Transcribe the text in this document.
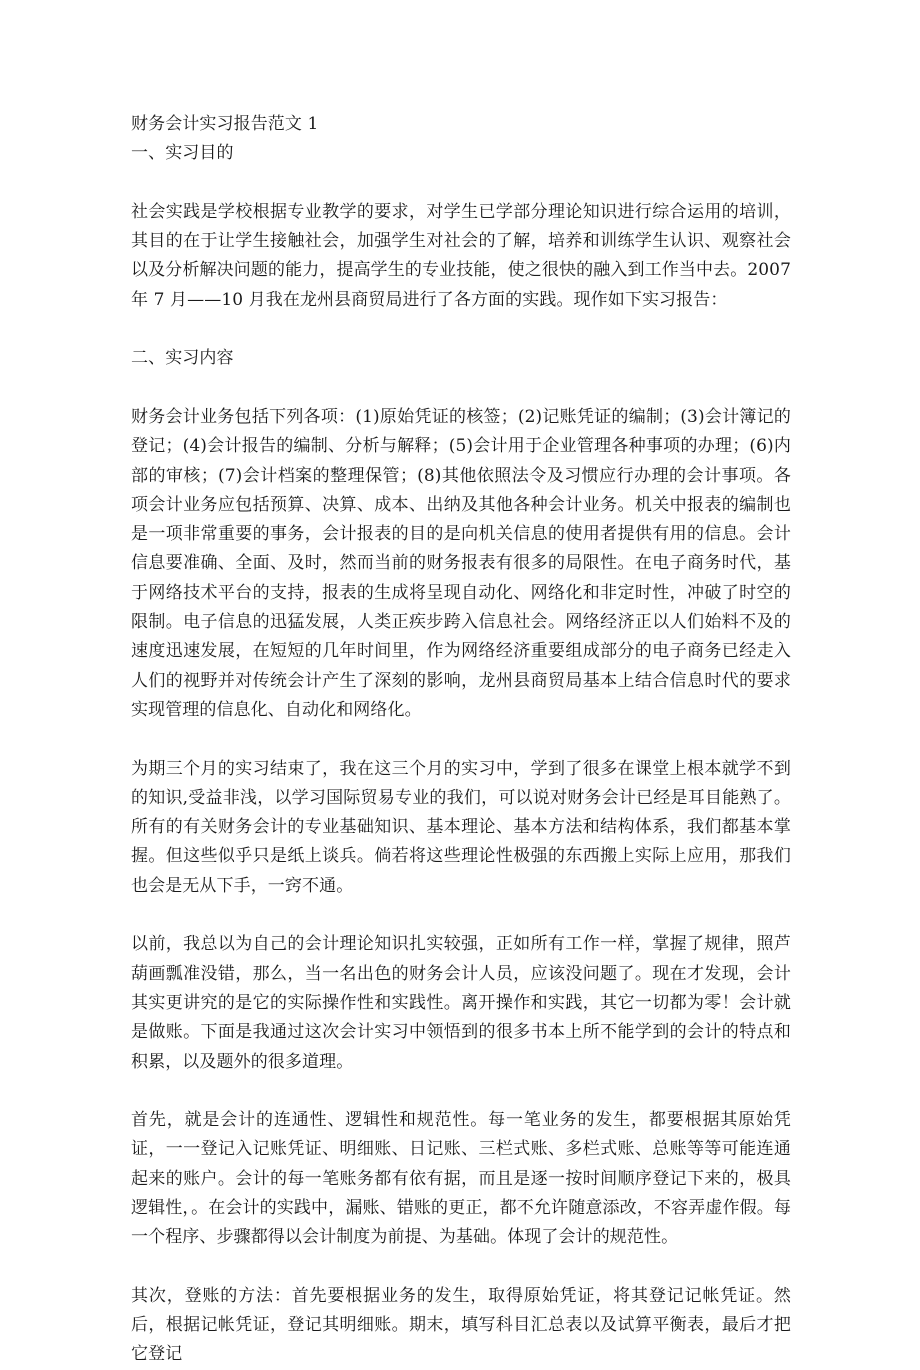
财务会计实习报告范文 1

一、实习目的

社会实践是学校根据专业教学的要求，对学生已学部分理论知识进行综合运用的培训，其目的在于让学生接触社会，加强学生对社会的了解，培养和训练学生认识、观察社会以及分析解决问题的能力，提高学生的专业技能，使之很快的融入到工作当中去。2007 年 7 月——10 月我在龙州县商贸局进行了各方面的实践。现作如下实习报告：

二、实习内容

财务会计业务包括下列各项：(1)原始凭证的核签；(2)记账凭证的编制；(3)会计簿记的登记；(4)会计报告的编制、分析与解释；(5)会计用于企业管理各种事项的办理；(6)内部的审核；(7)会计档案的整理保管；(8)其他依照法令及习惯应行办理的会计事项。各项会计业务应包括预算、决算、成本、出纳及其他各种会计业务。机关中报表的编制也是一项非常重要的事务，会计报表的目的是向机关信息的使用者提供有用的信息。会计信息要准确、全面、及时，然而当前的财务报表有很多的局限性。在电子商务时代，基于网络技术平台的支持，报表的生成将呈现自动化、网络化和非定时性，冲破了时空的限制。电子信息的迅猛发展，人类正疾步跨入信息社会。网络经济正以人们始料不及的速度迅速发展，在短短的几年时间里，作为网络经济重要组成部分的电子商务已经走入人们的视野并对传统会计产生了深刻的影响，龙州县商贸局基本上结合信息时代的要求实现管理的信息化、自动化和网络化。

为期三个月的实习结束了，我在这三个月的实习中，学到了很多在课堂上根本就学不到的知识,受益非浅，以学习国际贸易专业的我们，可以说对财务会计已经是耳目能熟了。所有的有关财务会计的专业基础知识、基本理论、基本方法和结构体系，我们都基本掌握。但这些似乎只是纸上谈兵。倘若将这些理论性极强的东西搬上实际上应用，那我们也会是无从下手，一窍不通。

以前，我总以为自己的会计理论知识扎实较强，正如所有工作一样，掌握了规律，照芦葫画瓢准没错，那么，当一名出色的财务会计人员，应该没问题了。现在才发现，会计其实更讲究的是它的实际操作性和实践性。离开操作和实践，其它一切都为零！会计就是做账。下面是我通过这次会计实习中领悟到的很多书本上所不能学到的会计的特点和积累，以及题外的很多道理。

首先，就是会计的连通性、逻辑性和规范性。每一笔业务的发生，都要根据其原始凭证，一一登记入记账凭证、明细账、日记账、三栏式账、多栏式账、总账等等可能连通起来的账户。会计的每一笔账务都有依有据，而且是逐一按时间顺序登记下来的，极具逻辑性，。在会计的实践中，漏账、错账的更正，都不允许随意添改，不容弄虚作假。每一个程序、步骤都得以会计制度为前提、为基础。体现了会计的规范性。

其次，登账的方法：首先要根据业务的发生，取得原始凭证，将其登记记帐凭证。然后，根据记帐凭证，登记其明细账。期末，填写科目汇总表以及试算平衡表，最后才把它登记
